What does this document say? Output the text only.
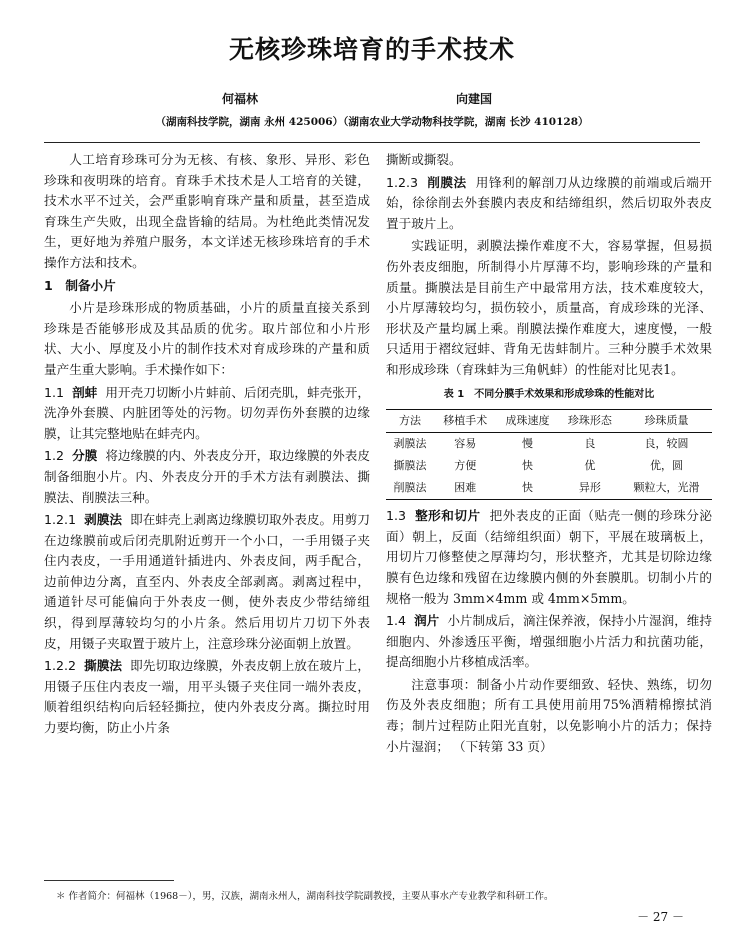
无核珍珠培育的手术技术
何福林	向建国
（湖南科技学院，湖南 永州 425006）（湖南农业大学动物科技学院，湖南 长沙 410128）

人工培育珍珠可分为无核、有核、象形、异形、彩色珍珠和夜明珠的培育。育珠手术技术是人工培育的关键，技术水平不过关，会严重影响育珠产量和质量，甚至造成育珠生产失败，出现全盘皆输的结局。为杜绝此类情况发生，更好地为养殖户服务，本文详述无核珍珠培育的手术操作方法和技术。

1　制备小片

小片是珍珠形成的物质基础，小片的质量直接关系到珍珠是否能够形成及其品质的优劣。取片部位和小片形状、大小、厚度及小片的制作技术对育成珍珠的产量和质量产生重大影响。手术操作如下：

1.1 剖蚌 用开壳刀切断小片蚌前、后闭壳肌，蚌壳张开，洗净外套膜、内脏团等处的污物。切勿弄伤外套膜的边缘膜，让其完整地贴在蚌壳内。

1.2 分膜 将边缘膜的内、外表皮分开，取边缘膜的外表皮制备细胞小片。内、外表皮分开的手术方法有剥膜法、撕膜法、削膜法三种。

1.2.1 剥膜法 即在蚌壳上剥离边缘膜切取外表皮。用剪刀在边缘膜前或后闭壳肌附近剪开一个小口，一手用镊子夹住内表皮，一手用通道针插进内、外表皮间，两手配合，边前伸边分离，直至内、外表皮全部剥离。剥离过程中，通道针尽可能偏向于外表皮一侧，使外表皮少带结缔组织，得到厚薄较均匀的小片条。然后用切片刀切下外表皮，用镊子夹取置于玻片上，注意珍珠分泌面朝上放置。

1.2.2 撕膜法 即先切取边缘膜，外表皮朝上放在玻片上，用镊子压住内表皮一端，用平头镊子夹住同一端外表皮，顺着组织结构向后轻轻撕拉，使内外表皮分离。撕拉时用力要均衡，防止小片条

撕断或撕裂。

1.2.3 削膜法 用锋利的解剖刀从边缘膜的前端或后端开始，徐徐削去外套膜内表皮和结缔组织，然后切取外表皮置于玻片上。

实践证明，剥膜法操作难度不大，容易掌握，但易损伤外表皮细胞，所制得小片厚薄不均，影响珍珠的产量和质量。撕膜法是目前生产中最常用方法，技术难度较大，小片厚薄较均匀，损伤较小，质量高，育成珍珠的光泽、形状及产量均属上乘。削膜法操作难度大，速度慢，一般只适用于褶纹冠蚌、背角无齿蚌制片。三种分膜手术效果和形成珍珠（育珠蚌为三角帆蚌）的性能对比见表1。

表 1　不同分膜手术效果和形成珍珠的性能对比
方法	移植手术	成珠速度	珍珠形态	珍珠质量
剥膜法	容易	慢	良	良，较圆
撕膜法	方便	快	优	优，圆
削膜法	困难	快	异形	颗粒大，光滑

1.3 整形和切片 把外表皮的正面（贴壳一侧的珍珠分泌面）朝上，反面（结缔组织面）朝下，平展在玻璃板上，用切片刀修整使之厚薄均匀，形状整齐，尤其是切除边缘膜有色边缘和残留在边缘膜内侧的外套膜肌。切制小片的规格一般为 3mm×4mm 或 4mm×5mm。

1.4 润片 小片制成后，滴注保养液，保持小片湿润，维持细胞内、外渗透压平衡，增强细胞小片活力和抗菌功能，提高细胞小片移植成活率。

注意事项：制备小片动作要细致、轻快、熟练，切勿伤及外表皮细胞；所有工具使用前用75%酒精棉擦拭消毒；制片过程防止阳光直射，以免影响小片的活力；保持小片湿润； （下转第 33 页）

＊ 作者简介：何福林（1968－），男，汉族，湖南永州人，湖南科技学院副教授，主要从事水产专业教学和科研工作。
－ 27 －
